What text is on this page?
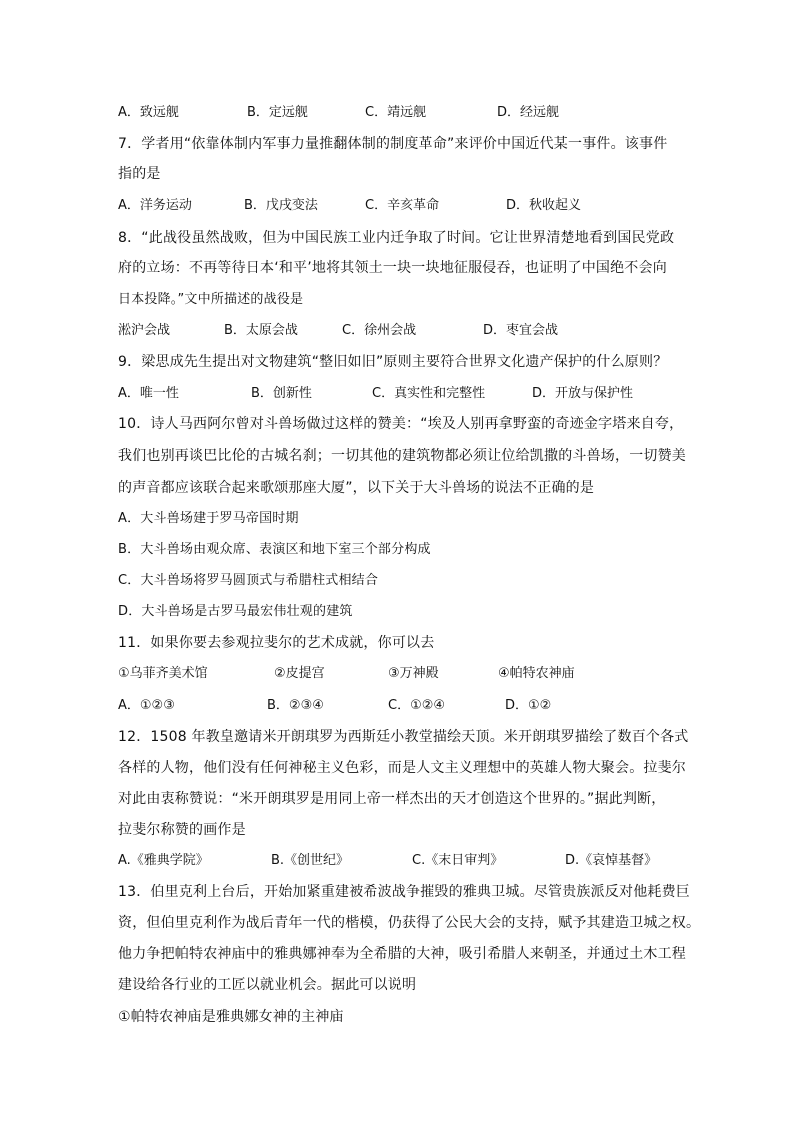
A．致远舰	B．定远舰	C．靖远舰	D．经远舰
7．学者用“依靠体制内军事力量推翻体制的制度革命”来评价中国近代某一事件。该事件
指的是
A．洋务运动	B．戊戌变法	C．辛亥革命	D．秋收起义
8．“此战役虽然战败，但为中国民族工业内迁争取了时间。它让世界清楚地看到国民党政
府的立场：不再等待日本‘和平’地将其领土一块一块地征服侵吞，也证明了中国绝不会向
日本投降。”文中所描述的战役是
淞沪会战	B．太原会战	C．徐州会战	D．枣宜会战
9．梁思成先生提出对文物建筑“整旧如旧”原则主要符合世界文化遗产保护的什么原则？
A．唯一性	B．创新性	C．真实性和完整性	D．开放与保护性
10．诗人马西阿尔曾对斗兽场做过这样的赞美：“埃及人别再拿野蛮的奇迹金字塔来自夸，
我们也别再谈巴比伦的古城名刹；一切其他的建筑物都必须让位给凯撒的斗兽场，一切赞美
的声音都应该联合起来歌颂那座大厦”，以下关于大斗兽场的说法不正确的是
A．大斗兽场建于罗马帝国时期
B．大斗兽场由观众席、表演区和地下室三个部分构成
C．大斗兽场将罗马圆顶式与希腊柱式相结合
D．大斗兽场是古罗马最宏伟壮观的建筑
11．如果你要去参观拉斐尔的艺术成就，你可以去
①乌菲齐美术馆	②皮提宫	③万神殿	④帕特农神庙
A．①②③	B．②③④	C．①②④	D．①②
12．1508 年教皇邀请米开朗琪罗为西斯廷小教堂描绘天顶。米开朗琪罗描绘了数百个各式
各样的人物，他们没有任何神秘主义色彩，而是人文主义理想中的英雄人物大聚会。拉斐尔
对此由衷称赞说：“米开朗琪罗是用同上帝一样杰出的天才创造这个世界的。”据此判断，
拉斐尔称赞的画作是
A.《雅典学院》	B.《创世纪》	C.《末日审判》	D.《哀悼基督》
13．伯里克利上台后，开始加紧重建被希波战争摧毁的雅典卫城。尽管贵族派反对他耗费巨
资，但伯里克利作为战后青年一代的楷模，仍获得了公民大会的支持，赋予其建造卫城之权。
他力争把帕特农神庙中的雅典娜神奉为全希腊的大神，吸引希腊人来朝圣，并通过土木工程
建设给各行业的工匠以就业机会。据此可以说明
①帕特农神庙是雅典娜女神的主神庙
